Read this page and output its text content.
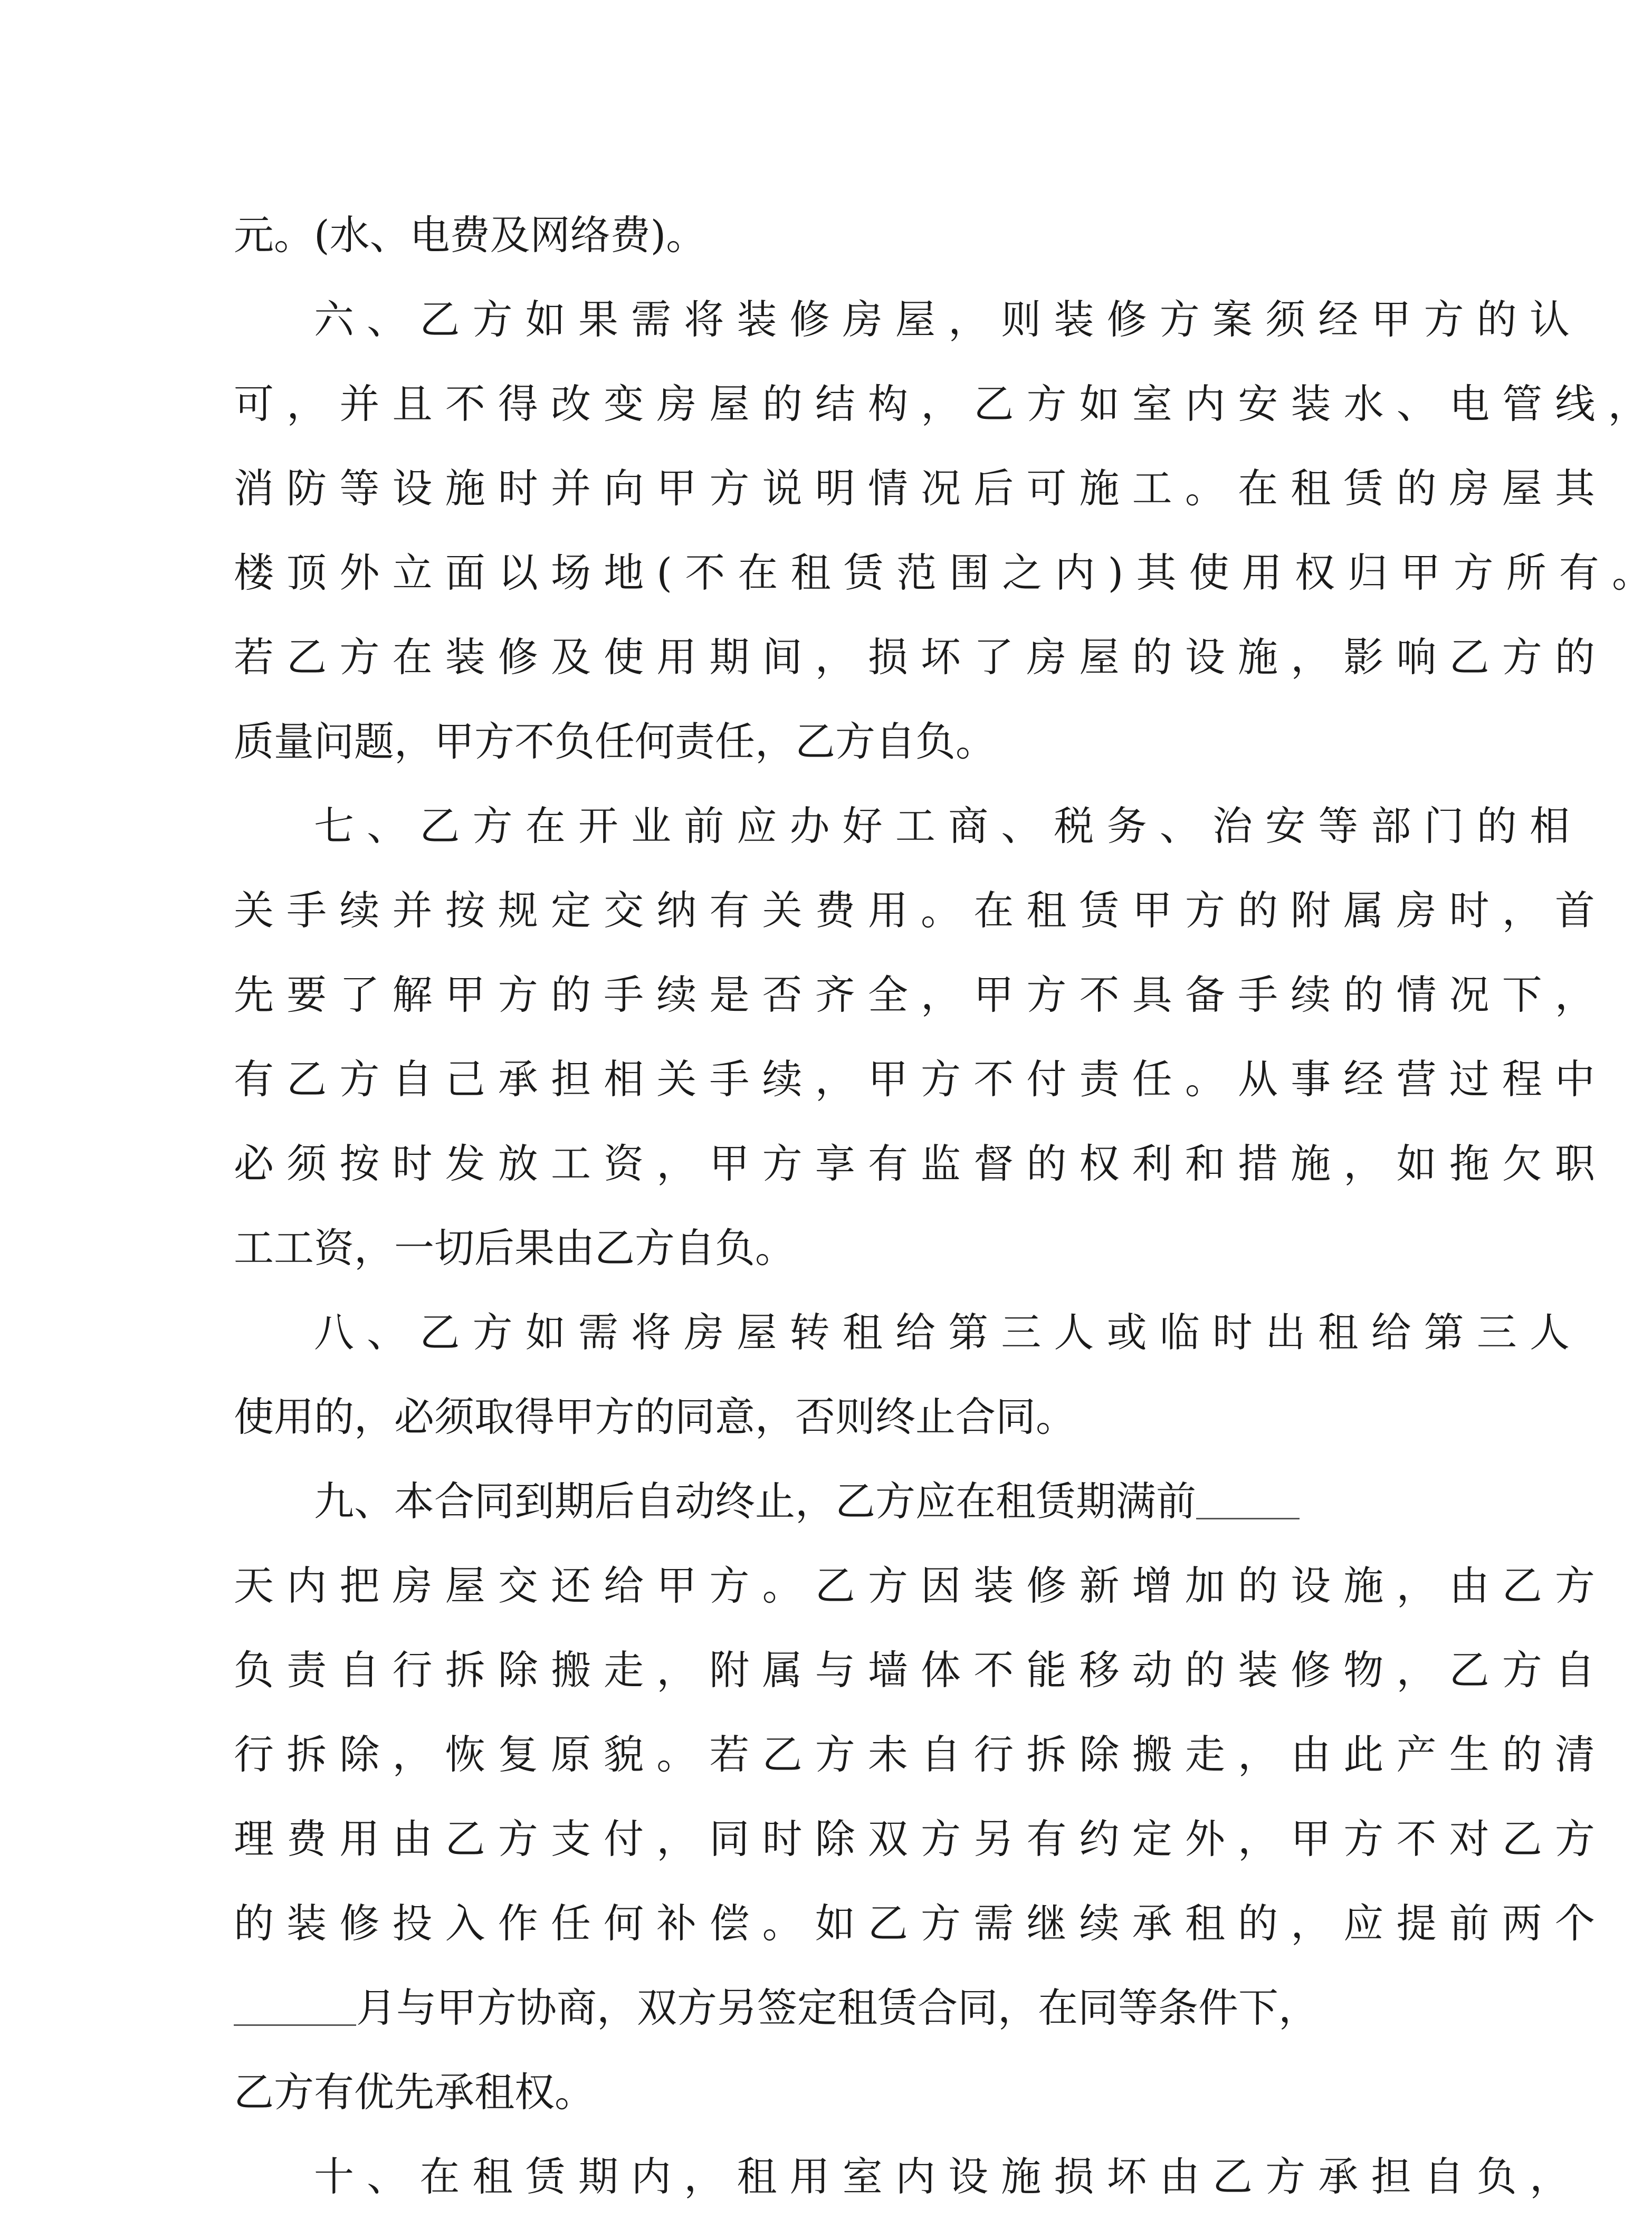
元。(水、电费及网络费)。
六 、 乙 方 如 果 需 将 装 修 房 屋 ， 则 装 修 方 案 须 经 甲 方 的 认
可 ， 并 且 不 得 改 变 房 屋 的 结 构 ， 乙 方 如 室 内 安 装 水 、 电 管 线 ，
消 防 等 设 施 时 并 向 甲 方 说 明 情 况 后 可 施 工 。 在 租 赁 的 房 屋 其
楼 顶 外 立 面 以 场 地 ( 不 在 租 赁 范 围 之 内 ) 其 使 用 权 归 甲 方 所 有 。
若 乙 方 在 装 修 及 使 用 期 间 ， 损 坏 了 房 屋 的 设 施 ， 影 响 乙 方 的
质量问题，甲方不负任何责任，乙方自负。
七 、 乙 方 在 开 业 前 应 办 好 工 商 、 税 务 、 治 安 等 部 门 的 相
关 手 续 并 按 规 定 交 纳 有 关 费 用 。 在 租 赁 甲 方 的 附 属 房 时 ， 首
先 要 了 解 甲 方 的 手 续 是 否 齐 全 ， 甲 方 不 具 备 手 续 的 情 况 下 ，
有 乙 方 自 己 承 担 相 关 手 续 ， 甲 方 不 付 责 任 。 从 事 经 营 过 程 中
必 须 按 时 发 放 工 资 ， 甲 方 享 有 监 督 的 权 利 和 措 施 ， 如 拖 欠 职
工工资，一切后果由乙方自负。
八 、 乙 方 如 需 将 房 屋 转 租 给 第 三 人 或 临 时 出 租 给 第 三 人
使用的，必须取得甲方的同意，否则终止合同。
九、本合同到期后自动终止，乙方应在租赁期满前
天 内 把 房 屋 交 还 给 甲 方 。 乙 方 因 装 修 新 增 加 的 设 施 ， 由 乙 方
负 责 自 行 拆 除 搬 走 ， 附 属 与 墙 体 不 能 移 动 的 装 修 物 ， 乙 方 自
行 拆 除 ， 恢 复 原 貌 。 若 乙 方 未 自 行 拆 除 搬 走 ， 由 此 产 生 的 清
理 费 用 由 乙 方 支 付 ， 同 时 除 双 方 另 有 约 定 外 ， 甲 方 不 对 乙 方
的 装 修 投 入 作 任 何 补 偿 。 如 乙 方 需 继 续 承 租 的 ， 应 提 前 两 个
月与甲方协商，双方另签定租赁合同，在同等条件下，
乙方有优先承租权。
十 、 在 租 赁 期 内 ， 租 用 室 内 设 施 损 坏 由 乙 方 承 担 自 负 ，
